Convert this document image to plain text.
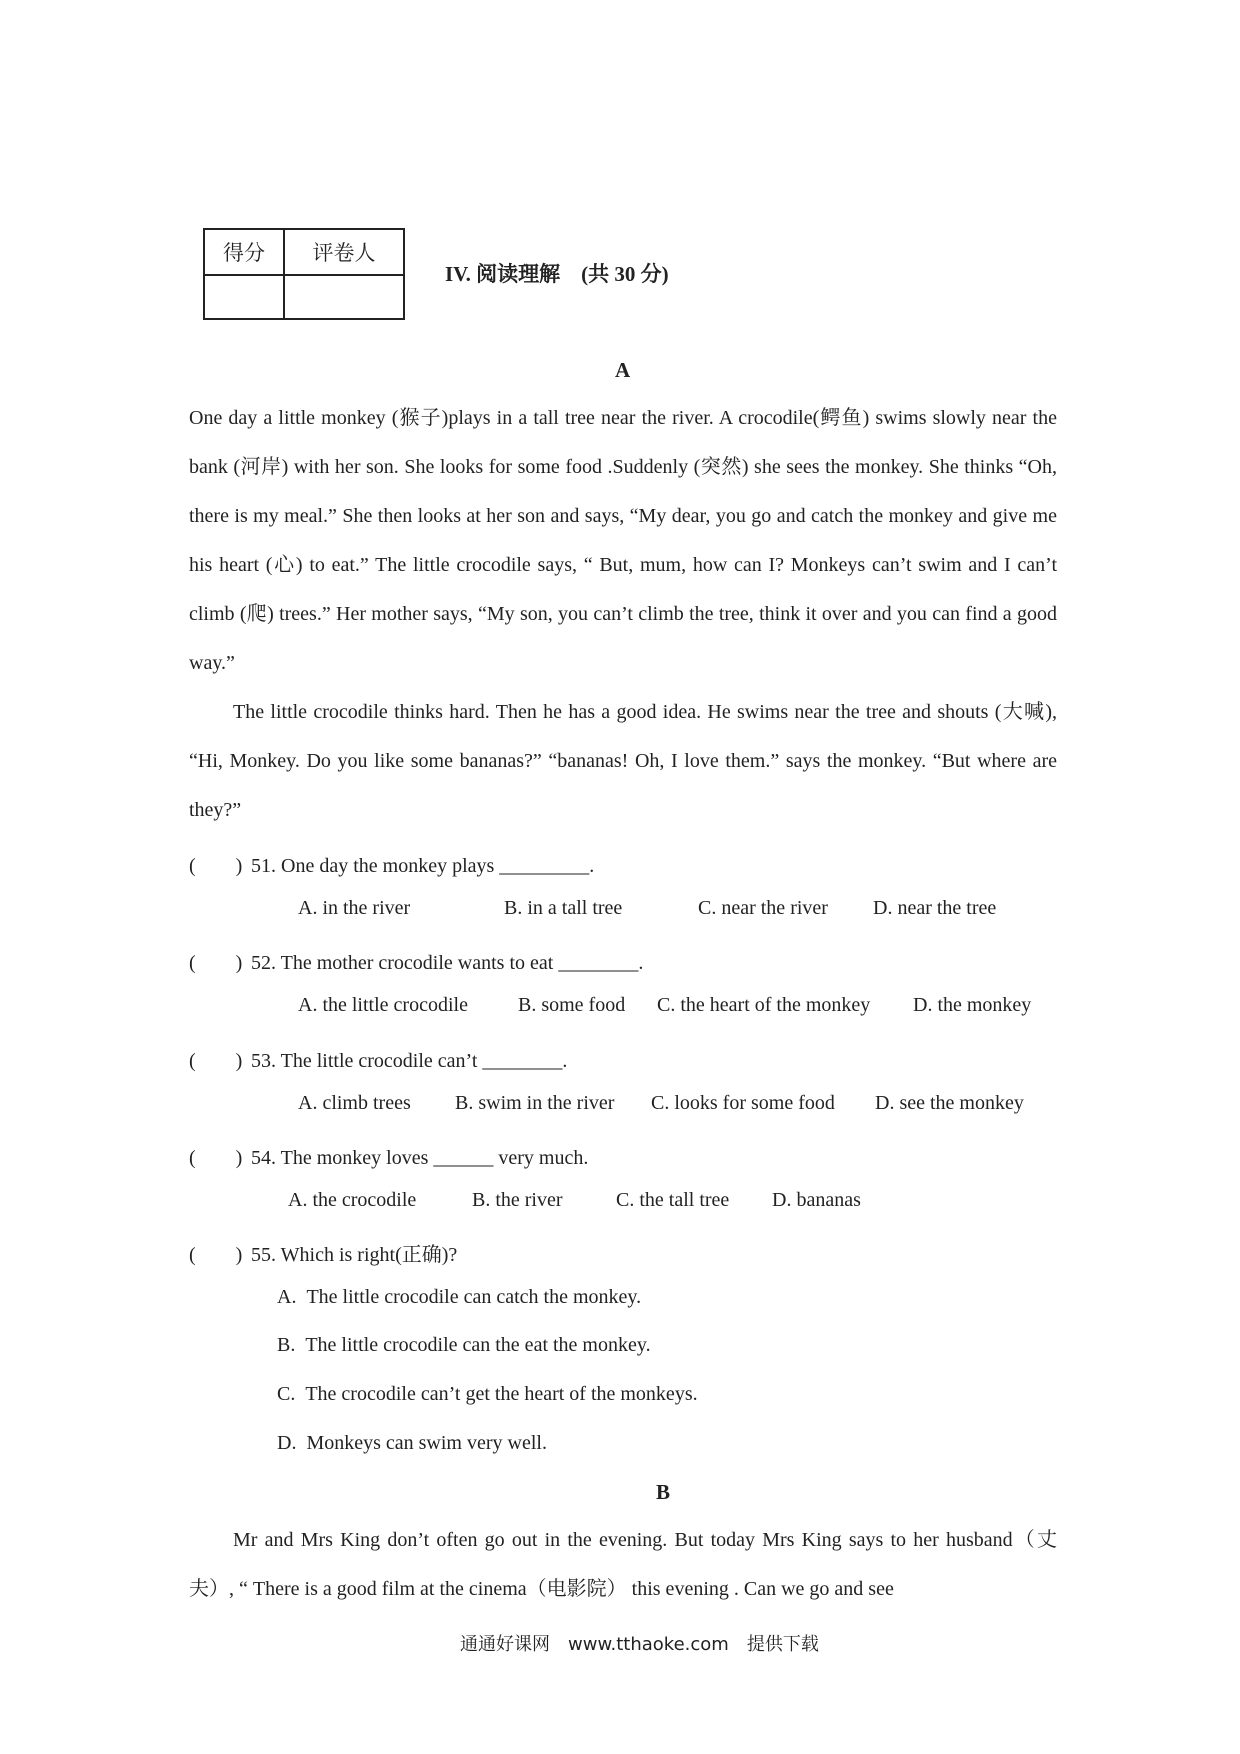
得分	评卷人

IV. 阅读理解　(共 30 分)
A

One day a little monkey (猴子)plays in a tall tree near the river. A crocodile(鳄鱼) swims slowly near the bank (河岸) with her son. She looks for some food .Suddenly (突然) she sees the monkey. She thinks “Oh, there is my meal.” She then looks at her son and says, “My dear, you go and catch the monkey and give me his heart (心) to eat.” The little crocodile says, “ But, mum, how can I? Monkeys can’t swim and I can’t climb (爬) trees.” Her mother says, “My son, you can’t climb the tree, think it over and you can find a good way.”

The little crocodile thinks hard. Then he has a good idea. He swims near the tree and shouts (大喊), “Hi, Monkey. Do you like some bananas?” “bananas! Oh, I love them.” says the monkey. “But where are they?”

(　　) 51. One day the monkey plays _________.
A. in the river	B. in a tall tree	C. near the river D. near the tree
(　　) 52. The mother crocodile wants to eat ________.
A. the little crocodile	B. some food C. the heart of the monkey D. the monkey
(　　) 53. The little crocodile can’t ________.
A. climb trees B. swim in the river C. looks for some food D. see the monkey
(　　) 54. The monkey loves ______ very much.
A. the crocodile	B. the river	C. the tall tree D. bananas
(　　) 55. Which is right(正确)?
A.  The little crocodile can catch the monkey.
B.  The little crocodile can the eat the monkey.
C.  The crocodile can’t get the heart of the monkeys.
D.  Monkeys can swim very well.
B

Mr and Mrs King don’t often go out in the evening. But today Mrs King says to her husband（丈夫）, “ There is a good film at the cinema（电影院） this evening . Can we go and see

通通好课网　www.tthaoke.com　提供下载
